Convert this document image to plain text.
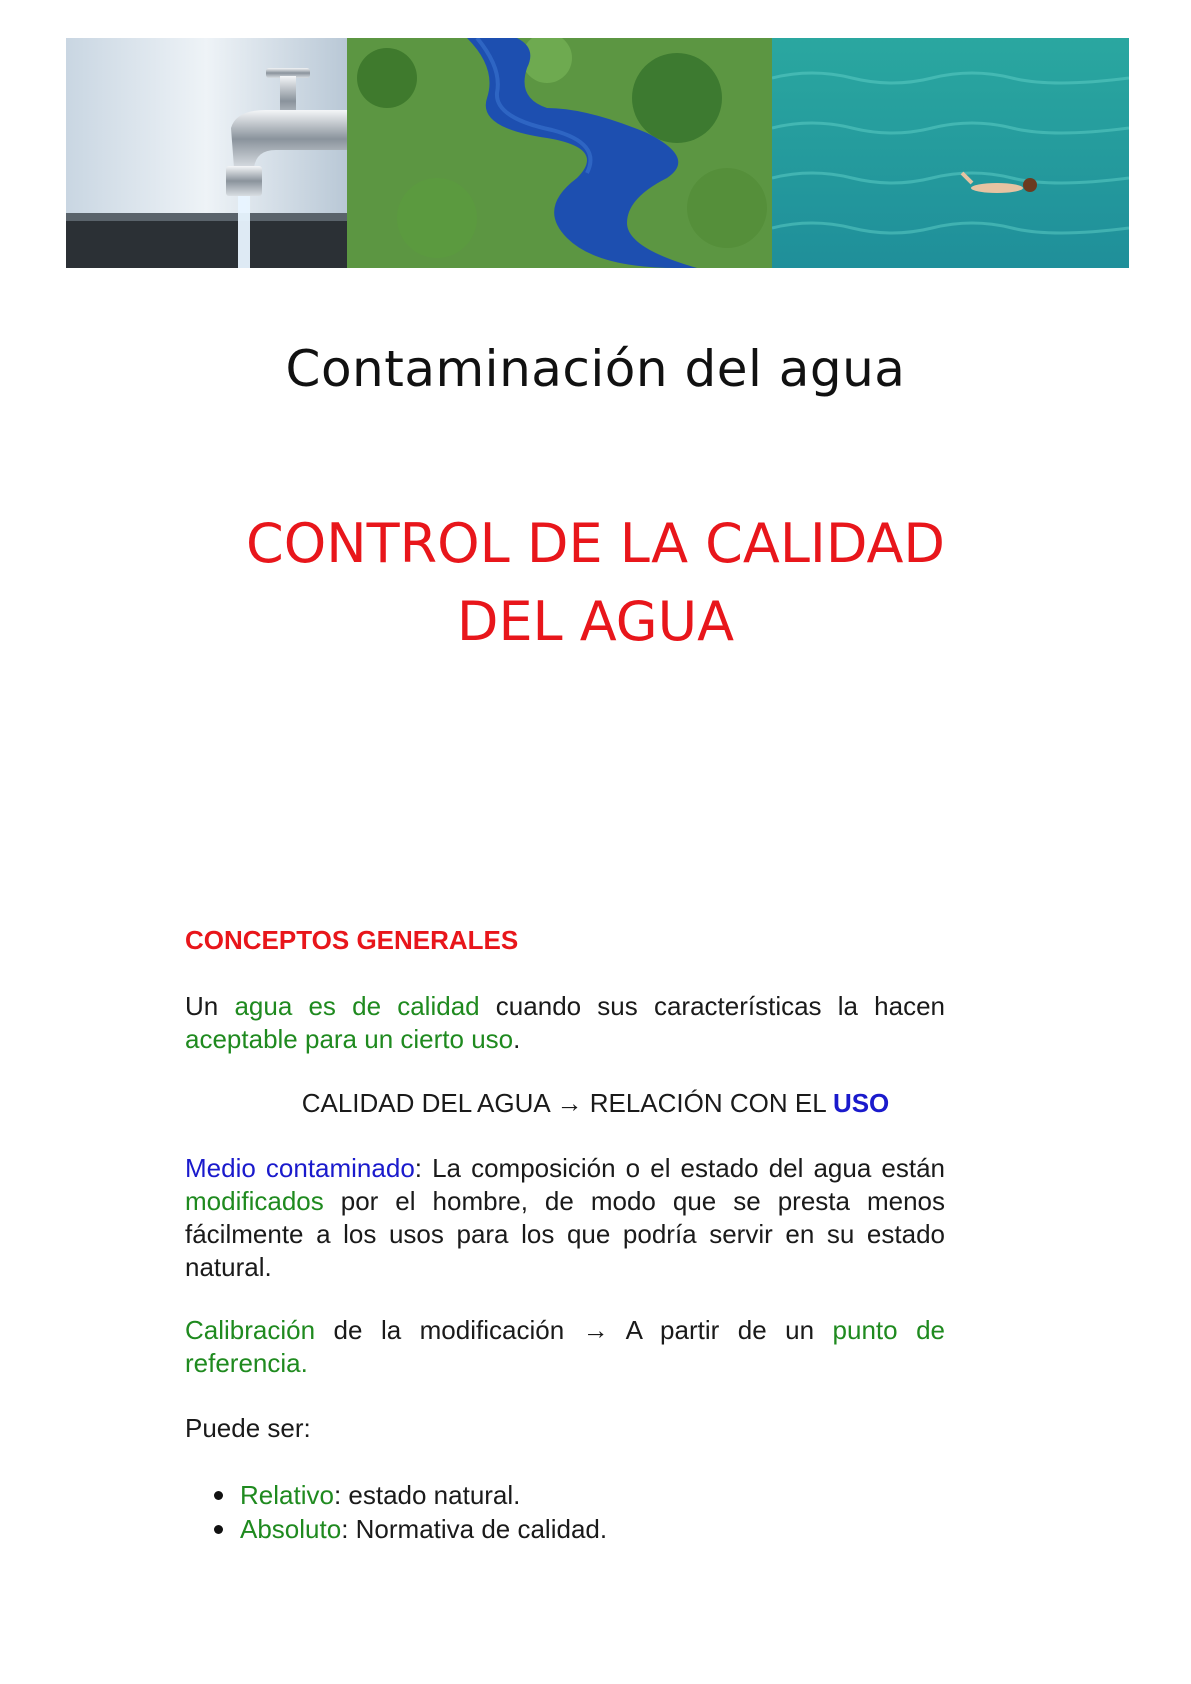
Contaminación del agua
CONTROL DE LA CALIDAD
DEL AGUA
CONCEPTOS GENERALES
Un agua es de calidad cuando sus características la hacen aceptable para un cierto uso.
CALIDAD DEL AGUA → RELACIÓN CON EL USO
Medio contaminado: La composición o el estado del agua están modificados por el hombre, de modo que se presta menos fácilmente a los usos para los que podría servir en su estado natural.
Calibración de la modificación → A partir de un punto de referencia.
Puede ser:
Relativo: estado natural.
Absoluto: Normativa de calidad.
